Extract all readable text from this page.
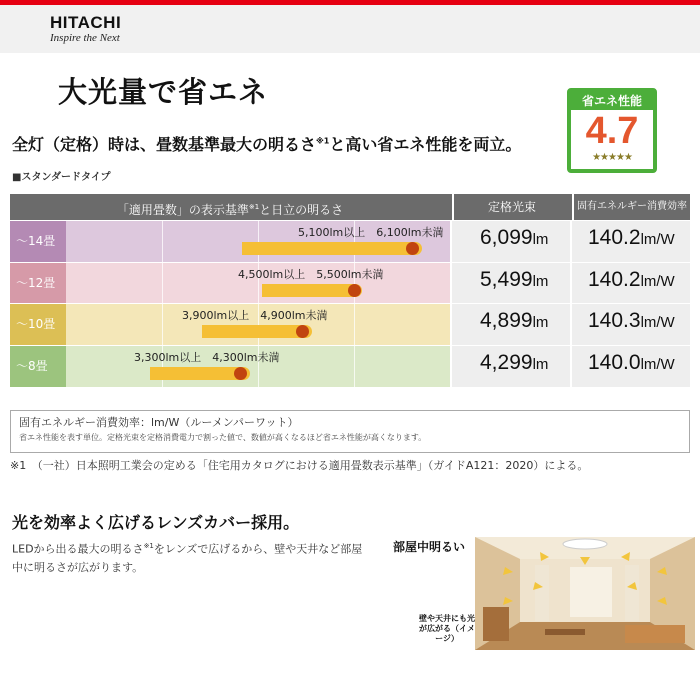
HITACHI
Inspire the Next
大光量で省エネ	省エネ性能
4.7
★★★★★
全灯（定格）時は、畳数基準最大の明るさ$^{※1}$と高い省エネ性能を両立。
■スタンダードタイプ
「適用畳数」の表示基準$^{※1}$と日立の明るさ	定格光束	固有エネルギー消費効率
～14畳
5,100lm以上　6,100lm未満 6,099lm 140.2lm/W
～12畳
4,500lm以上　5,500lm未満	5,499lm 140.2lm/W
～10畳
3,900lm以上　4,900lm未満	4,899lm 140.3lm/W
～8畳
3,300lm以上　4,300lm未満	4,299lm 140.0lm/W
固有エネルギー消費効率：lm/W（ルーメンパーワット）
省エネ性能を表す単位。定格光束を定格消費電力で割った値で、数値が高くなるほど省エネ性能が高くなります。
※1　（一社）日本照明工業会の定める「住宅用カタログにおける適用畳数表示基準」（ガイドA121：2020）による。
光を効率よく広げるレンズカバー採用。
LEDから出る最大の明るさ$^{※1}$をレンズで広げるから、壁や天井など部屋中に明るさが広がります。
部屋中明るい
壁や天井にも光が広がる（イメージ）
